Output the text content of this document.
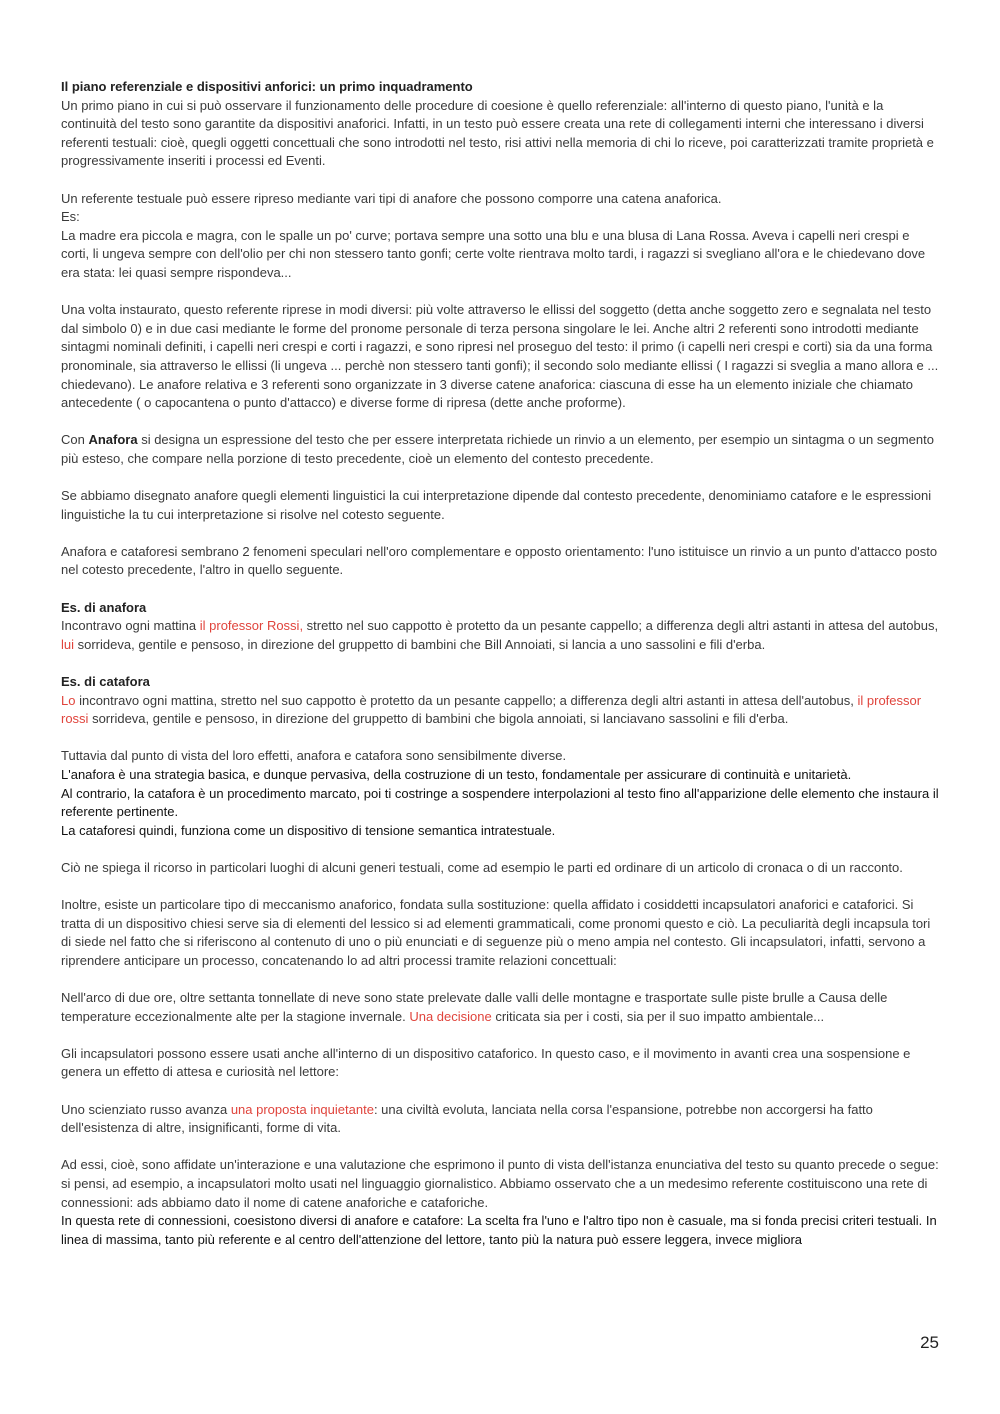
Il piano referenziale e dispositivi anforici: un primo inquadramento

Un primo piano in cui si può osservare il funzionamento delle procedure di coesione è quello referenziale: all'interno di questo piano, l'unità e la continuità del testo sono garantite da dispositivi anaforici. Infatti, in un testo può essere creata una rete di collegamenti interni che interessano i diversi referenti testuali: cioè, quegli oggetti concettuali che sono introdotti nel testo, risi attivi nella memoria di chi lo riceve, poi caratterizzati tramite proprietà e progressivamente inseriti i processi ed Eventi.

Un referente testuale può essere ripreso mediante vari tipi di anafore che possono comporre una catena anaforica.

Es:

La madre era piccola e magra, con le spalle un po' curve; portava sempre una sotto una blu e una blusa di Lana Rossa. Aveva i capelli neri crespi e corti, li ungeva sempre con dell'olio per chi non stessero tanto gonfi; certe volte rientrava molto tardi, i ragazzi si svegliano all'ora e le chiedevano dove era stata: lei quasi sempre rispondeva...

Una volta instaurato, questo referente riprese in modi diversi: più volte attraverso le ellissi del soggetto (detta anche soggetto zero e segnalata nel testo dal simbolo 0) e in due casi mediante le forme del pronome personale di terza persona singolare le lei. Anche altri 2 referenti sono introdotti mediante sintagmi nominali definiti, i capelli neri crespi e corti i ragazzi, e sono ripresi nel proseguo del testo: il primo (i capelli neri crespi e corti) sia da una forma pronominale, sia attraverso le ellissi (li ungeva ... perchè non stessero tanti gonfi); il secondo solo mediante ellissi ( I ragazzi si sveglia a mano allora e ... chiedevano). Le anafore relativa e 3 referenti sono organizzate in 3 diverse catene anaforica: ciascuna di esse ha un elemento iniziale che chiamato antecedente ( o capocantena o punto d'attacco) e diverse forme di ripresa (dette anche proforme).

Con Anafora si designa un espressione del testo che per essere interpretata richiede un rinvio a un elemento, per esempio un sintagma o un segmento più esteso, che compare nella porzione di testo precedente, cioè un elemento del contesto precedente.

Se abbiamo disegnato anafore quegli elementi linguistici la cui interpretazione dipende dal contesto precedente, denominiamo catafore e le espressioni linguistiche la tu cui interpretazione si risolve nel cotesto seguente.

Anafora e cataforesi sembrano 2 fenomeni speculari nell'oro complementare e opposto orientamento: l'uno istituisce un rinvio a un punto d'attacco posto nel cotesto precedente, l'altro in quello seguente.

Es. di anafora

Incontravo ogni mattina il professor Rossi, stretto nel suo cappotto è protetto da un pesante cappello; a differenza degli altri astanti in attesa del autobus, lui sorrideva, gentile e pensoso, in direzione del gruppetto di bambini che Bill Annoiati, si lancia a uno sassolini e fili d'erba.

Es. di catafora

Lo incontravo ogni mattina, stretto nel suo cappotto è protetto da un pesante cappello; a differenza degli altri astanti in attesa dell'autobus, il professor rossi sorrideva, gentile e pensoso, in direzione del gruppetto di bambini che bigola annoiati, si lanciavano sassolini e fili d'erba.

Tuttavia dal punto di vista del loro effetti, anafora e catafora sono sensibilmente diverse.

L'anafora è una strategia basica, e dunque pervasiva, della costruzione di un testo, fondamentale per assicurare di continuità e unitarietà.

Al contrario, la catafora è un procedimento marcato, poi ti costringe a sospendere interpolazioni al testo fino all'apparizione delle elemento che instaura il referente pertinente.

La cataforesi quindi, funziona come un dispositivo di tensione semantica intratestuale.

Ciò ne spiega il ricorso in particolari luoghi di alcuni generi testuali, come ad esempio le parti ed ordinare di un articolo di cronaca o di un racconto.

Inoltre, esiste un particolare tipo di meccanismo anaforico, fondata sulla sostituzione: quella affidato i cosiddetti incapsulatori anaforici e cataforici. Si tratta di un dispositivo chiesi serve sia di elementi del lessico si ad elementi grammaticali, come pronomi questo e ciò. La peculiarità degli incapsula tori di siede nel fatto che si riferiscono al contenuto di uno o più enunciati e di seguenze più o meno ampia nel contesto. Gli incapsulatori, infatti, servono a riprendere anticipare un processo, concatenando lo ad altri processi tramite relazioni concettuali:

Nell'arco di due ore, oltre settanta tonnellate di neve sono state prelevate dalle valli delle montagne e trasportate sulle piste brulle a Causa delle temperature eccezionalmente alte per la stagione invernale. Una decisione criticata sia per i costi, sia per il suo impatto ambientale...

Gli incapsulatori possono essere usati anche all'interno di un dispositivo cataforico. In questo caso, e il movimento in avanti crea una sospensione e genera un effetto di attesa e curiosità nel lettore:

Uno scienziato russo avanza una proposta inquietante: una civiltà evoluta, lanciata nella corsa l'espansione, potrebbe non accorgersi ha fatto dell'esistenza di altre, insignificanti, forme di vita.

Ad essi, cioè, sono affidate un'interazione e una valutazione che esprimono il punto di vista dell'istanza enunciativa del testo su quanto precede o segue: si pensi, ad esempio, a incapsulatori molto usati nel linguaggio giornalistico. Abbiamo osservato che a un medesimo referente costituiscono una rete di connessioni: ads abbiamo dato il nome di catene anaforiche e cataforiche.

In questa rete di connessioni, coesistono diversi di anafore e catafore: La scelta fra l'uno e l'altro tipo non è casuale, ma si fonda precisi criteri testuali. In linea di massima, tanto più referente e al centro dell'attenzione del lettore, tanto più la natura può essere leggera, invece migliora

25
